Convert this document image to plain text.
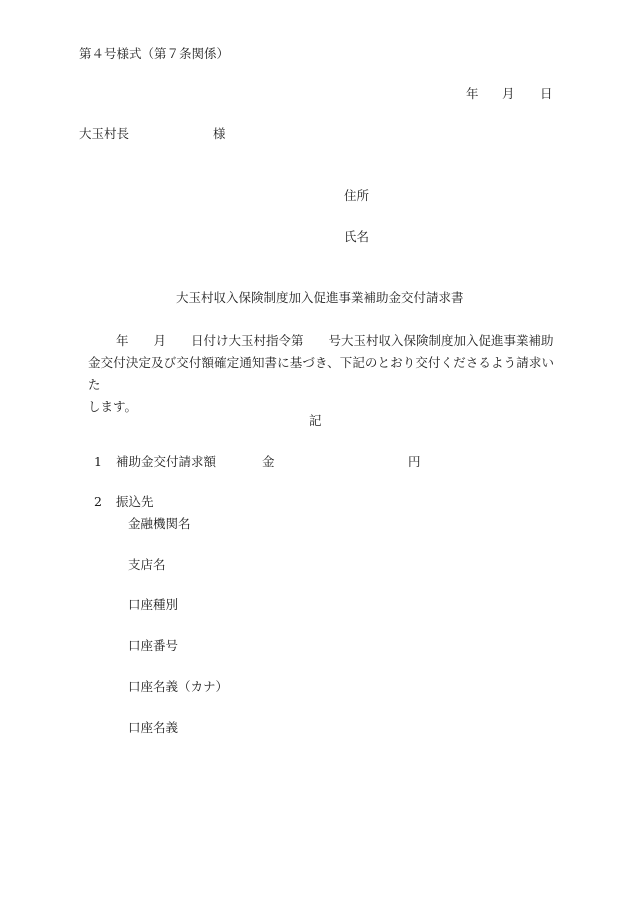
第４号様式（第７条関係）
年 月 日
大玉村長	様
住所
氏名
大玉村収入保険制度加入促進事業補助金交付請求書
年　　月　　日付け大玉村指令第　　号大玉村収入保険制度加入促進事業補助
金交付決定及び交付額確定通知書に基づき、下記のとおり交付くださるよう請求いた
します。
記
1 補助金交付請求額	金	円
2 振込先
金融機関名
支店名
口座種別
口座番号
口座名義（カナ）
口座名義
